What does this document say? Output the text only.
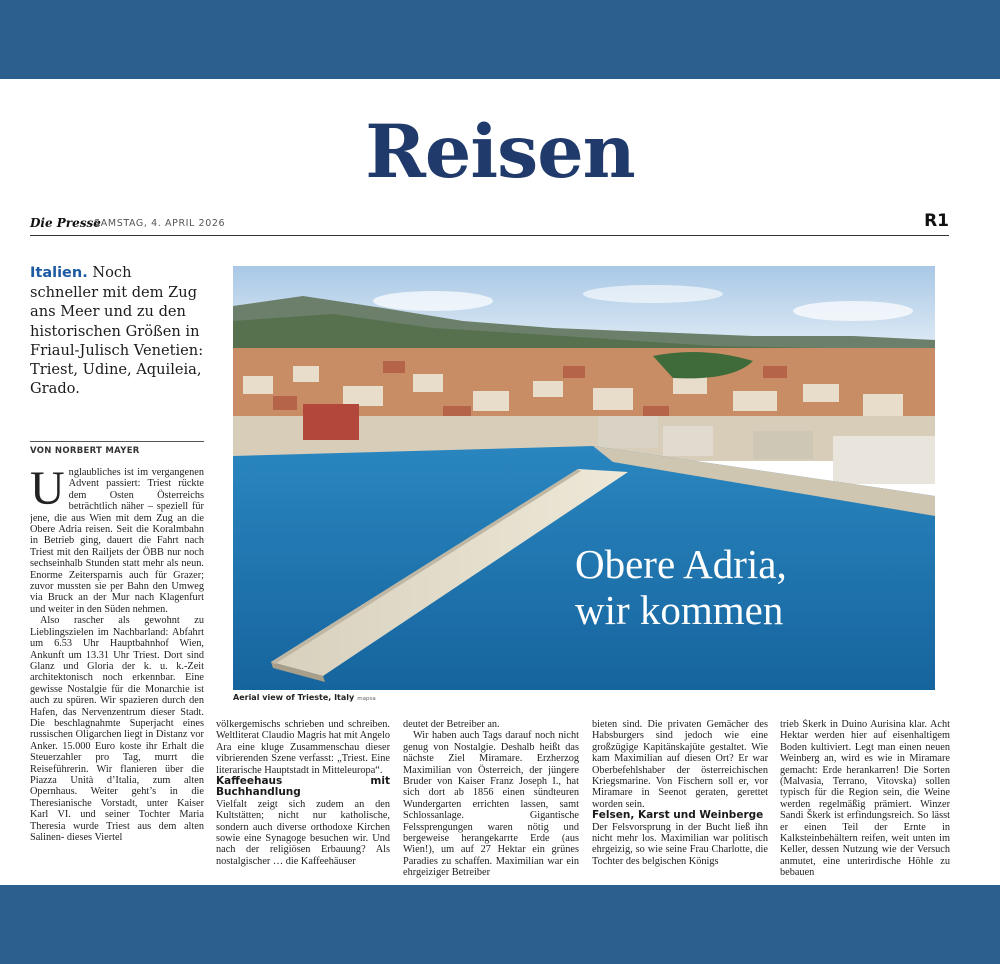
Reisen
Die Presse
SAMSTAG, 4. APRIL 2026	R1

Italien. Noch schneller mit dem Zug ans Meer und zu den historischen Größen in Friaul-Julisch Venetien: Triest, Udine, Aquileia, Grado.

VON NORBERT MAYER

Unglaubliches ist im vergangenen Advent passiert: Triest rückte dem Osten Österreichs beträchtlich näher – speziell für jene, die aus Wien mit dem Zug an die Obere Adria reisen. Seit die Koralmbahn in Betrieb ging, dauert die Fahrt nach Triest mit den Railjets der ÖBB nur noch sechseinhalb Stunden statt mehr als neun. Enorme Zeitersparnis auch für Grazer; zuvor mussten sie per Bahn den Umweg via Bruck an der Mur nach Klagenfurt und weiter in den Süden nehmen.

Also rascher als gewohnt zu Lieblingszielen im Nachbarland: Abfahrt um 6.53 Uhr Hauptbahnhof Wien, Ankunft um 13.31 Uhr Triest. Dort sind Glanz und Gloria der k. u. k.-Zeit architektonisch noch erkennbar. Eine gewisse Nostalgie für die Monarchie ist auch zu spüren. Wir spazieren durch den Hafen, das Nervenzentrum dieser Stadt. Die beschlagnahmte Superjacht eines russischen Oligarchen liegt in Distanz vor Anker. 15.000 Euro koste ihr Erhalt die Steuerzahler pro Tag, murrt die Reiseführerin. Wir flanieren über die Piazza Unità d’Italia, zum alten Opernhaus. Weiter geht’s in die Theresianische Vorstadt, unter Kaiser Karl VI. und seiner Tochter Maria Theresia wurde Triest aus dem alten Salinen- dieses Viertel

Obere Adria,
wir kommen
Aerial view of Trieste, Italy mapsa

völkergemischs schrieben und schreiben. Weltliterat Claudio Magris hat mit Angelo Ara eine kluge Zusammenschau dieser vibrierenden Szene verfasst: „Triest. Eine literarische Hauptstadt in Mitteleuropa“.

Kaffeehaus mit Buchhandlung

Vielfalt zeigt sich zudem an den Kultstätten; nicht nur katholische, sondern auch diverse orthodoxe Kirchen sowie eine Synagoge besuchen wir. Und nach der religiösen Erbauung? Als nostalgischer … die Kaffeehäuser

deutet der Betreiber an.

Wir haben auch Tags darauf noch nicht genug von Nostalgie. Deshalb heißt das nächste Ziel Miramare. Erzherzog Maximilian von Österreich, der jüngere Bruder von Kaiser Franz Joseph I., hat sich dort ab 1856 einen sündteuren Wundergarten errichten lassen, samt Schlossanlage. Gigantische Felssprengungen waren nötig und bergeweise herangekarrte Erde (aus Wien!), um auf 27 Hektar ein grünes Paradies zu schaffen. Maximilian war ein ehrgeiziger Betreiber

bieten sind. Die privaten Gemächer des Habsburgers sind jedoch wie eine großzügige Kapitänskajüte gestaltet. Wie kam Maximilian auf diesen Ort? Er war Oberbefehlshaber der österreichischen Kriegsmarine. Von Fischern soll er, vor Miramare in Seenot geraten, gerettet worden sein.

Felsen, Karst und Weinberge

Der Felsvorsprung in der Bucht ließ ihn nicht mehr los. Maximilian war politisch ehrgeizig, so wie seine Frau Charlotte, die Tochter des belgischen Königs

trieb Škerk in Duino Aurisina klar. Acht Hektar werden hier auf eisenhaltigem Boden kultiviert. Legt man einen neuen Weinberg an, wird es wie in Miramare gemacht: Erde herankarren! Die Sorten (Malvasia, Terrano, Vitovska) sollen typisch für die Region sein, die Weine werden regelmäßig prämiert. Winzer Sandi Škerk ist erfindungsreich. So lässt er einen Teil der Ernte in Kalksteinbehältern reifen, weit unten im Keller, dessen Nutzung wie der Versuch anmutet, eine unterirdische Höhle zu bebauen
